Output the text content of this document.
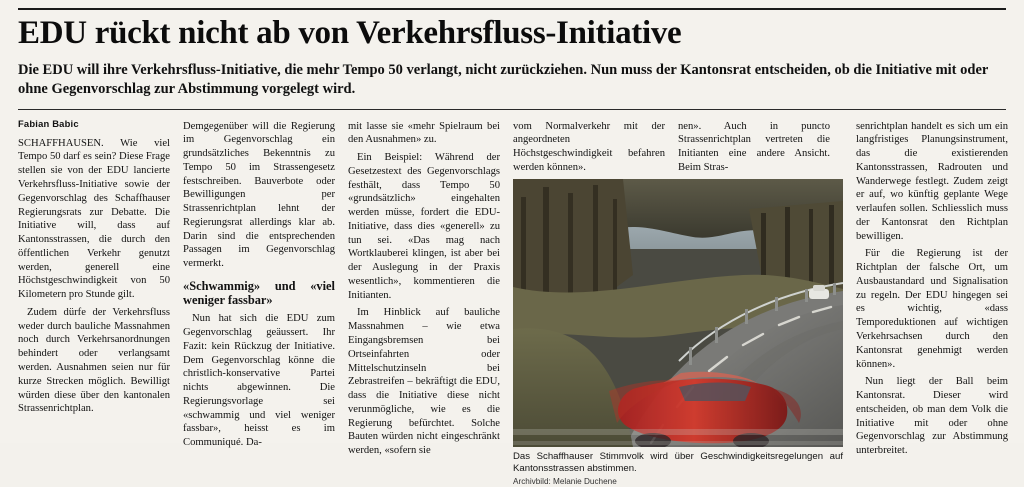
EDU rückt nicht ab von Verkehrsfluss-Initiative
Die EDU will ihre Verkehrsfluss-Initiative, die mehr Tempo 50 verlangt, nicht zurückziehen. Nun muss der Kantonsrat entscheiden, ob die Initiative mit oder ohne Gegenvorschlag zur Abstimmung vorgelegt wird.
Fabian Babic

SCHAFFHAUSEN. Wie viel Tempo 50 darf es sein? Diese Frage stellen sie von der EDU lancierte Verkehrsfluss-Initiative sowie der Gegenvorschlag des Schaffhauser Regierungsrats zur Debatte. Die Initiative will, dass auf Kantonsstrassen, die durch den öffentlichen Verkehr genutzt werden, generell eine Höchstgeschwindigkeit von 50 Kilometern pro Stunde gilt.

Zudem dürfe der Verkehrsfluss weder durch bauliche Massnahmen noch durch Verkehrsanordnungen behindert oder verlangsamt werden. Ausnahmen seien nur für kurze Strecken möglich. Bewilligt würden diese über den kantonalen Strassenrichtplan.

Demgegenüber will die Regierung im Gegenvorschlag ein grundsätzliches Bekenntnis zu Tempo 50 im Strassengesetz festschreiben. Bauverbote oder Bewilligungen per Strassenrichtplan lehnt der Regierungsrat allerdings klar ab. Darin sind die entsprechenden Passagen im Gegenvorschlag vermerkt.

«Schwammig» und «viel weniger fassbar»

Nun hat sich die EDU zum Gegenvorschlag geäussert. Ihr Fazit: kein Rückzug der Initiative. Dem Gegenvorschlag könne die christlich-konservative Partei nichts abgewinnen. Die Regierungsvorlage sei «schwammig und viel weniger fassbar», heisst es im Communiqué. Da-

mit lasse sie «mehr Spielraum bei den Ausnahmen» zu.

Ein Beispiel: Während der Gesetzestext des Gegenvorschlags festhält, dass Tempo 50 «grundsätzlich» eingehalten werden müsse, fordert die EDU-Initiative, dass dies «generell» zu tun sei. «Das mag nach Wortklauberei klingen, ist aber bei der Auslegung in der Praxis wesentlich», kommentieren die Initianten.

Im Hinblick auf bauliche Massnahmen – wie etwa Eingangsbremsen bei Ortseinfahrten oder Mittelschutzinseln bei Zebrastreifen – bekräftigt die EDU, dass die Initiative diese nicht verunmögliche, wie es die Regierung befürchtet. Solche Bauten würden nicht eingeschränkt werden, «sofern sie

vom Normalverkehr mit der angeordneten Höchstgeschwindigkeit befahren werden können».

nen». Auch in puncto Strassenrichtplan vertreten die Initianten eine andere Ansicht. Beim Stras-

Das Schaffhauser Stimmvolk wird über Geschwindigkeitsregelungen auf Kantonsstrassen abstimmen.
Archivbild: Melanie Duchene

senrichtplan handelt es sich um ein langfristiges Planungsinstrument, das die existierenden Kantonsstrassen, Radrouten und Wanderwege festlegt. Zudem zeigt er auf, wo künftig geplante Wege verlaufen sollen. Schliesslich muss der Kantonsrat den Richtplan bewilligen.

Für die Regierung ist der Richtplan der falsche Ort, um Ausbaustandard und Signalisation zu regeln. Der EDU hingegen sei es wichtig, «dass Temporeduktionen auf wichtigen Verkehrsachsen durch den Kantonsrat genehmigt werden können».

Nun liegt der Ball beim Kantonsrat. Dieser wird entscheiden, ob man dem Volk die Initiative mit oder ohne Gegenvorschlag zur Abstimmung unterbreitet.
